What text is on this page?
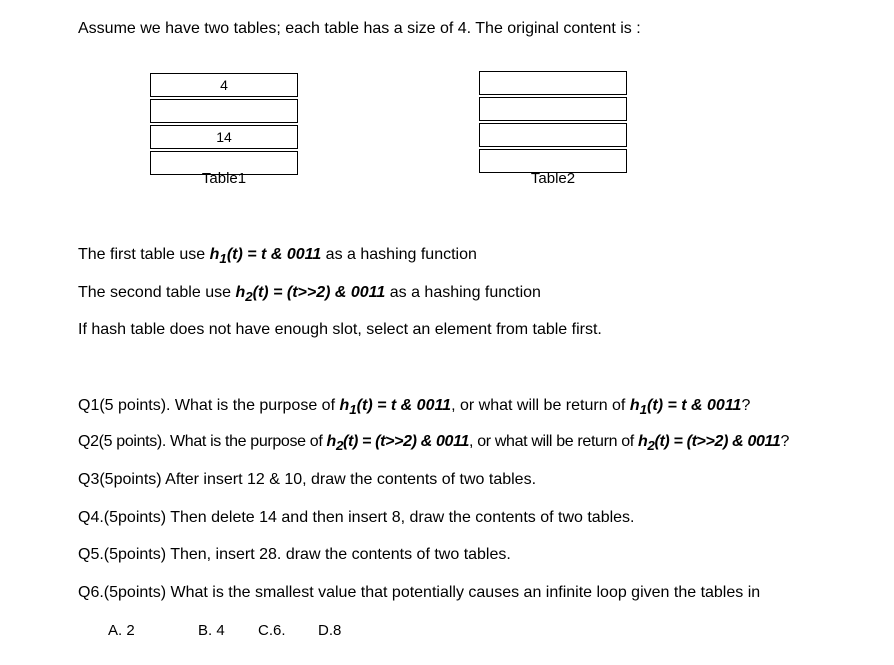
Assume we have two tables; each table has a size of 4. The original content is :
4
14
Table1	Table2
The first table use $h_1(t) = t$ & 0011 as a hashing function
The second table use $h_2(t) = (t>>2)$ & 0011 as a hashing function
If hash table does not have enough slot, select an element from table first.
Q1(5 points). What is the purpose of $h_1(t) = t$ & 0011, or what will be return of $h_1(t) = t$ & 0011?
Q2(5 points). What is the purpose of $h_2(t) = (t>>2)$ & 0011, or what will be return of $h_2(t) = (t>>2)$ & 0011?
Q3(5points) After insert 12 & 10, draw the contents of two tables.
Q4.(5points) Then delete 14 and then insert 8, draw the contents of two tables.
Q5.(5points) Then, insert 28. draw the contents of two tables.
Q6.(5points) What is the smallest value that potentially causes an infinite loop given the tables in
A. 2	B. 4 C.6. D.8
